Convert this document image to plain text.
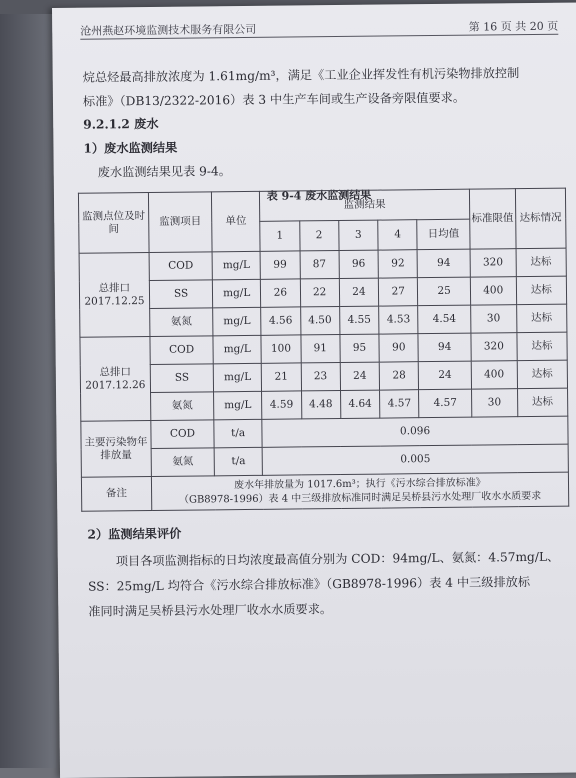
沧州燕赵环境监测技术服务有限公司	第 16 页 共 20 页
烷总烃最高排放浓度为 1.61mg/m³，满足《工业企业挥发性有机污染物排放控制
标准》（DB13/2322-2016）表 3 中生产车间或生产设备旁限值要求。
9.2.1.2 废水
1）废水监测结果
废水监测结果见表 9-4。
表 9-4 废水监测结果
监测点位及时间	监测项目	单位	监测结果					标准限值	达标情况
			1	2	3	4	日均值		

总排口
2017.12.25	COD	mg/L	99	87	96	92	94	320	达标
	SS	mg/L	26	22	24	27	25	400	达标
	氨氮	mg/L	4.56	4.50	4.55	4.53	4.54	30	达标

总排口
2017.12.26	COD	mg/L	100	91	95	90	94	320	达标
	SS	mg/L	21	23	24	28	24	400	达标
	氨氮	mg/L	4.59	4.48	4.64	4.57	4.57	30	达标
主要污染物年排放量	COD	t/a	0.096						
	氨氮	t/a	0.005						
备注	废水年排放量为 1017.6m³；执行《污水综合排放标准》
（GB8978-1996）表 4 中三级排放标准同时满足吴桥县污水处理厂收水水质要求								
2）监测结果评价
项目各项监测指标的日均浓度最高值分别为 COD：94mg/L、氨氮：4.57mg/L、
SS：25mg/L 均符合《污水综合排放标准》（GB8978-1996）表 4 中三级排放标
准同时满足吴桥县污水处理厂收水水质要求。
